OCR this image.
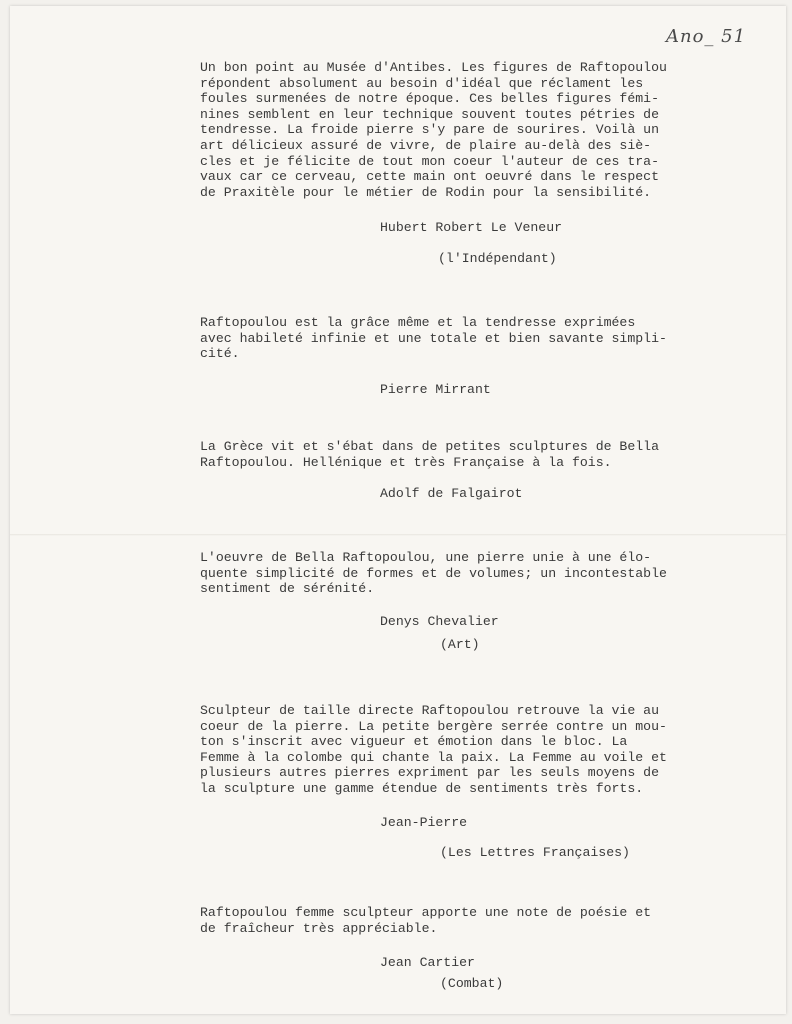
Ano_ 51
Un bon point au Musée d'Antibes. Les figures de Raftopoulou
répondent absolument au besoin d'idéal que réclament les
foules surmenées de notre époque. Ces belles figures fémi-
nines semblent en leur technique souvent toutes pétries de
tendresse. La froide pierre s'y pare de sourires. Voilà un
art délicieux assuré de vivre, de plaire au-delà des siè-
cles et je félicite de tout mon coeur l'auteur de ces tra-
vaux car ce cerveau, cette main ont oeuvré dans le respect
de Praxitèle pour le métier de Rodin pour la sensibilité.
Hubert Robert Le Veneur
(l'Indépendant)
Raftopoulou est la grâce même et la tendresse exprimées
avec habileté infinie et une totale et bien savante simpli-
cité.
Pierre Mirrant
La Grèce vit et s'ébat dans de petites sculptures de Bella
Raftopoulou. Hellénique et très Française à la fois.
Adolf de Falgairot
L'oeuvre de Bella Raftopoulou, une pierre unie à une élo-
quente simplicité de formes et de volumes; un incontestable
sentiment de sérénité.
Denys Chevalier
(Art)
Sculpteur de taille directe Raftopoulou retrouve la vie au
coeur de la pierre. La petite bergère serrée contre un mou-
ton s'inscrit avec vigueur et émotion dans le bloc. La
Femme à la colombe qui chante la paix. La Femme au voile et
plusieurs autres pierres expriment par les seuls moyens de
la sculpture une gamme étendue de sentiments très forts.
Jean-Pierre
(Les Lettres Françaises)
Raftopoulou femme sculpteur apporte une note de poésie et
de fraîcheur très appréciable.
Jean Cartier
(Combat)
